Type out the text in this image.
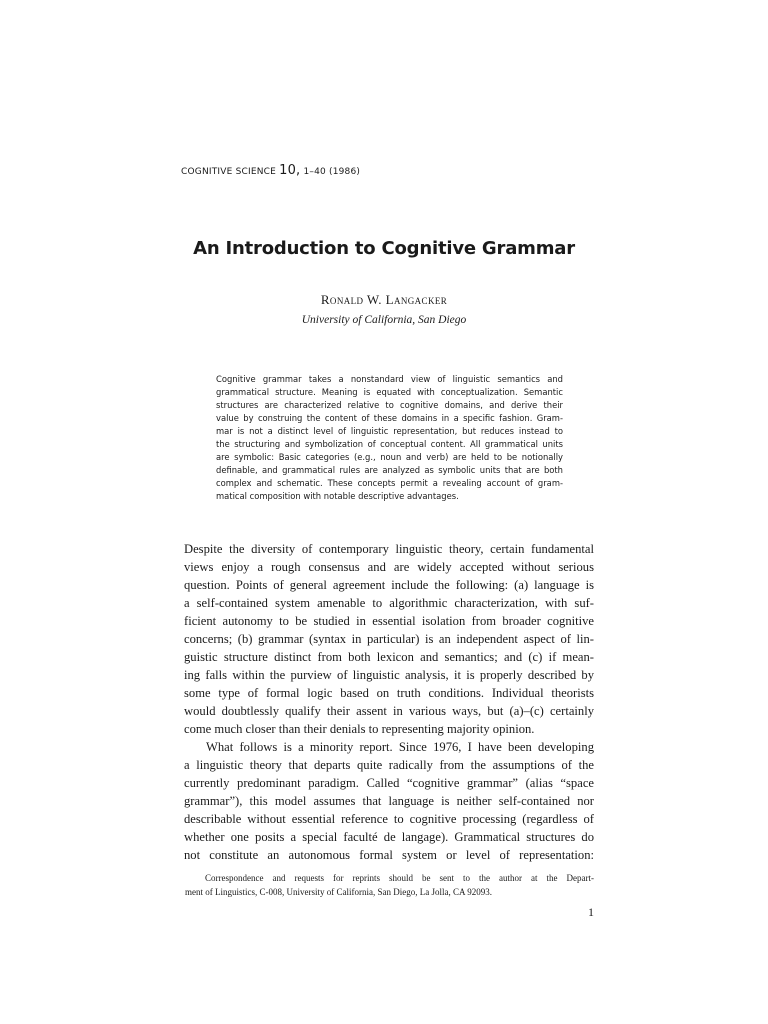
COGNITIVE SCIENCE 10, 1–40 (1986)
An Introduction to Cognitive Grammar
Ronald W. Langacker
University of California, San Diego
Cognitive grammar takes a nonstandard view of linguistic semantics and
grammatical structure. Meaning is equated with conceptualization. Semantic
structures are characterized relative to cognitive domains, and derive their
value by construing the content of these domains in a specific fashion. Gram-
mar is not a distinct level of linguistic representation, but reduces instead to
the structuring and symbolization of conceptual content. All grammatical units
are symbolic: Basic categories (e.g., noun and verb) are held to be notionally
definable, and grammatical rules are analyzed as symbolic units that are both
complex and schematic. These concepts permit a revealing account of gram-
matical composition with notable descriptive advantages.
Despite the diversity of contemporary linguistic theory, certain fundamental
views enjoy a rough consensus and are widely accepted without serious
question. Points of general agreement include the following: (a) language is
a self-contained system amenable to algorithmic characterization, with suf-
ficient autonomy to be studied in essential isolation from broader cognitive
concerns; (b) grammar (syntax in particular) is an independent aspect of lin-
guistic structure distinct from both lexicon and semantics; and (c) if mean-
ing falls within the purview of linguistic analysis, it is properly described by
some type of formal logic based on truth conditions. Individual theorists
would doubtlessly qualify their assent in various ways, but (a)–(c) certainly
come much closer than their denials to representing majority opinion.
What follows is a minority report. Since 1976, I have been developing
a linguistic theory that departs quite radically from the assumptions of the
currently predominant paradigm. Called “cognitive grammar” (alias “space
grammar”), this model assumes that language is neither self-contained nor
describable without essential reference to cognitive processing (regardless of
whether one posits a special faculté de langage). Grammatical structures do
not constitute an autonomous formal system or level of representation:
Correspondence and requests for reprints should be sent to the author at the Depart-
ment of Linguistics, C-008, University of California, San Diego, La Jolla, CA 92093.
1
